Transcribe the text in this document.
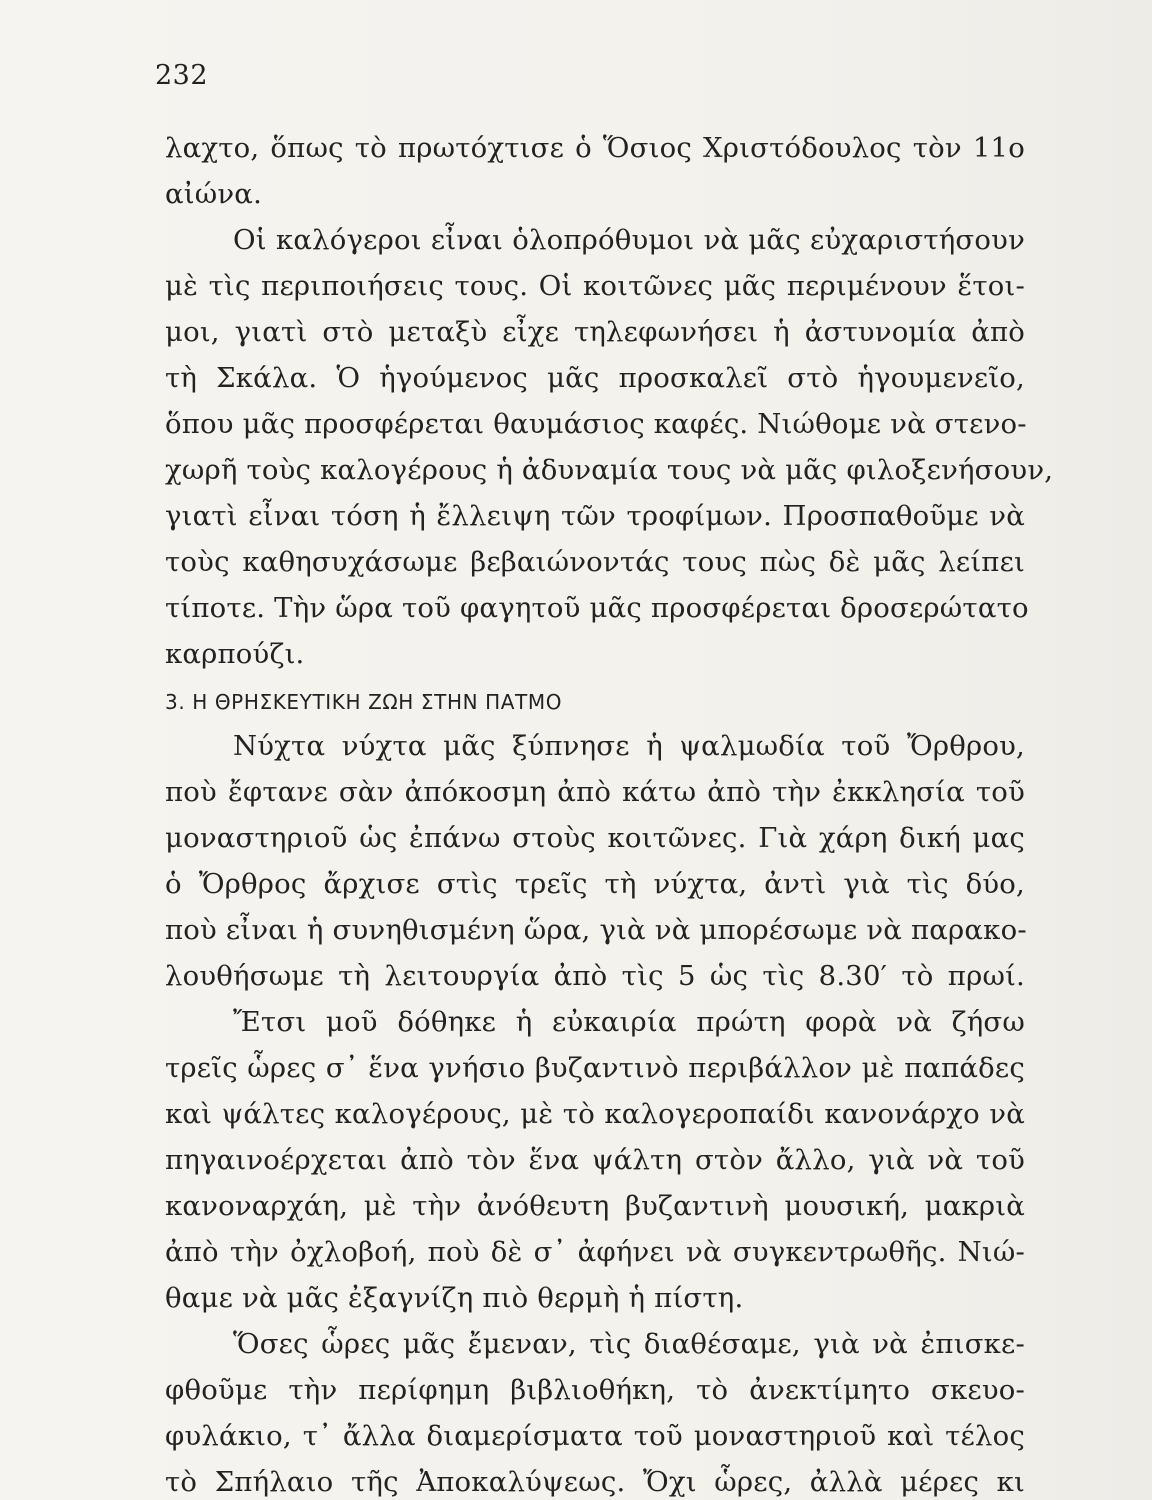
232
λαχτο, ὅπως τὸ πρωτόχτισε ὁ Ὅσιος Χριστόδουλος τὸν 11ο
αἰώνα.
Οἱ καλόγεροι εἶναι ὁλοπρόθυμοι νὰ μᾶς εὐχαριστήσουν
μὲ τὶς περιποιήσεις τους. Οἱ κοιτῶνες μᾶς περιμένουν ἕτοι-
μοι, γιατὶ στὸ μεταξὺ εἶχε τηλεφωνήσει ἡ ἀστυνομία ἀπὸ
τὴ Σκάλα. Ὁ ἡγούμενος μᾶς προσκαλεῖ στὸ ἡγουμενεῖο,
ὅπου μᾶς προσφέρεται θαυμάσιος καφές. Νιώθομε νὰ στενο-
χωρῆ τοὺς καλογέρους ἡ ἀδυναμία τους νὰ μᾶς φιλοξενήσουν,
γιατὶ εἶναι τόση ἡ ἔλλειψη τῶν τροφίμων. Προσπαθοῦμε νὰ
τοὺς καθησυχάσωμε βεβαιώνοντάς τους πὼς δὲ μᾶς λείπει
τίποτε. Τὴν ὥρα τοῦ φαγητοῦ μᾶς προσφέρεται δροσερώτατο
καρπούζι.
3. Η ΘΡΗΣΚΕΥΤΙΚΗ ΖΩΗ ΣΤΗΝ ΠΑΤΜΟ
Νύχτα νύχτα μᾶς ξύπνησε ἡ ψαλμωδία τοῦ Ὄρθρου,
ποὺ ἔφτανε σὰν ἀπόκοσμη ἀπὸ κάτω ἀπὸ τὴν ἐκκλησία τοῦ
μοναστηριοῦ ὡς ἐπάνω στοὺς κοιτῶνες. Γιὰ χάρη δική μας
ὁ Ὄρθρος ἄρχισε στὶς τρεῖς τὴ νύχτα, ἀντὶ γιὰ τὶς δύο,
ποὺ εἶναι ἡ συνηθισμένη ὥρα, γιὰ νὰ μπορέσωμε νὰ παρακο-
λουθήσωμε τὴ λειτουργία ἀπὸ τὶς 5 ὡς τὶς 8.30′ τὸ πρωί.
Ἔτσι μοῦ δόθηκε ἡ εὐκαιρία πρώτη φορὰ νὰ ζήσω
τρεῖς ὧρες σ᾽ ἕνα γνήσιο βυζαντινὸ περιβάλλον μὲ παπάδες
καὶ ψάλτες καλογέρους, μὲ τὸ καλογεροπαίδι κανονάρχο νὰ
πηγαινοέρχεται ἀπὸ τὸν ἕνα ψάλτη στὸν ἄλλο, γιὰ νὰ τοῦ
κανοναρχάη, μὲ τὴν ἀνόθευτη βυζαντινὴ μουσική, μακριὰ
ἀπὸ τὴν ὀχλοβοή, ποὺ δὲ σ᾽ ἀφήνει νὰ συγκεντρωθῆς. Νιώ-
θαμε νὰ μᾶς ἐξαγνίζη πιὸ θερμὴ ἡ πίστη.
Ὅσες ὧρες μᾶς ἔμεναν, τὶς διαθέσαμε, γιὰ νὰ ἐπισκε-
φθοῦμε τὴν περίφημη βιβλιοθήκη, τὸ ἀνεκτίμητο σκευο-
φυλάκιο, τ᾽ ἄλλα διαμερίσματα τοῦ μοναστηριοῦ καὶ τέλος
τὸ Σπήλαιο τῆς Ἀποκαλύψεως. Ὄχι ὧρες, ἀλλὰ μέρες κι
